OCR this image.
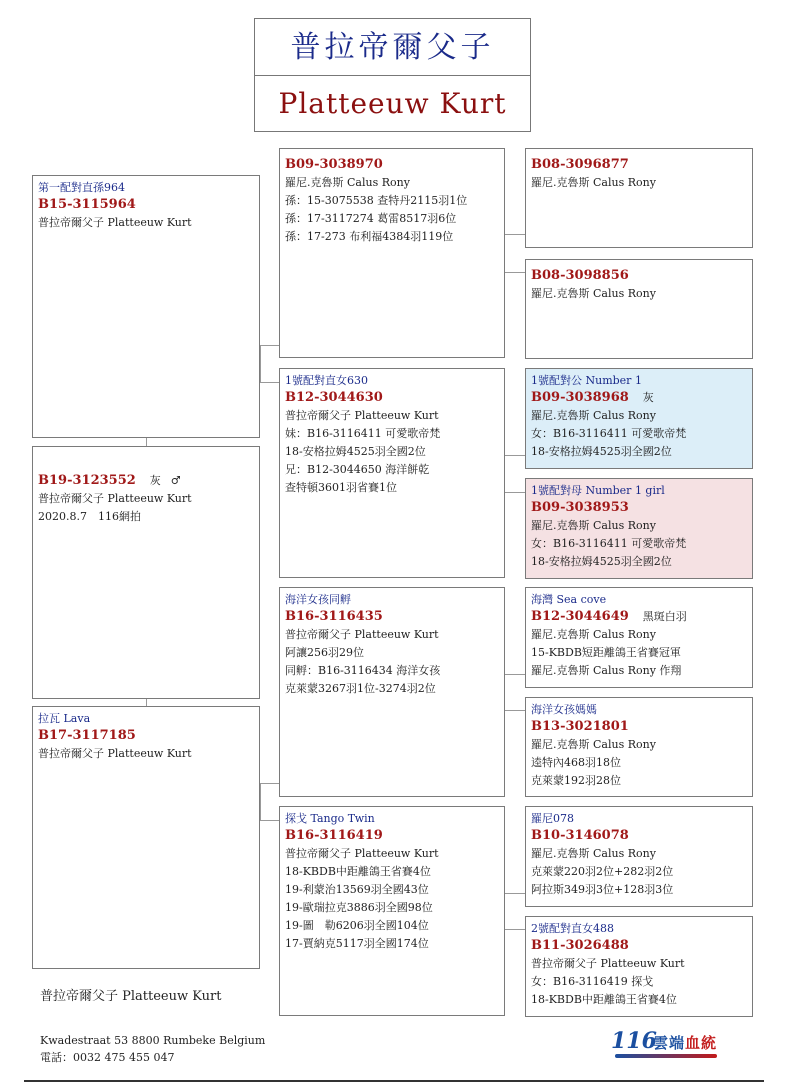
普拉帝爾父子
Platteeuw Kurt
第一配對直孫964
B15-3115964
普拉帝爾父子 Platteeuw Kurt
B19-3123552 灰 ♂
普拉帝爾父子 Platteeuw Kurt
2020.8.7　116網拍
拉瓦 Lava
B17-3117185
普拉帝爾父子 Platteeuw Kurt
B09-3038970
羅尼.克魯斯 Calus Rony
孫：15-3075538 查特丹2115羽1位
孫：17-3117274 葛雷8517羽6位
孫：17-273 布利福4384羽119位
1號配對直女630
B12-3044630
普拉帝爾父子 Platteeuw Kurt
妹：B16-3116411 可愛歌帝梵
18-安格拉姆4525羽全國2位
兄：B12-3044650 海洋餅乾
查特頓3601羽省賽1位
海洋女孩同孵
B16-3116435
普拉帝爾父子 Platteeuw Kurt
阿讓256羽29位
同孵：B16-3116434 海洋女孩
克萊蒙3267羽1位-3274羽2位
探戈 Tango Twin
B16-3116419
普拉帝爾父子 Platteeuw Kurt
18-KBDB中距離鴿王省賽4位
19-利蒙治13569羽全國43位
19-歐瑞拉克3886羽全國98位
19-圖　勒6206羽全國104位
17-賈納克5117羽全國174位
B08-3096877
羅尼.克魯斯 Calus Rony
B08-3098856
羅尼.克魯斯 Calus Rony
1號配對公 Number 1
B09-3038968 灰
羅尼.克魯斯 Calus Rony
女：B16-3116411 可愛歌帝梵
18-安格拉姆4525羽全國2位
1號配對母 Number 1 girl
B09-3038953
羅尼.克魯斯 Calus Rony
女：B16-3116411 可愛歌帝梵
18-安格拉姆4525羽全國2位
海灣 Sea cove
B12-3044649 黑斑白羽
羅尼.克魯斯 Calus Rony
15-KBDB短距離鴿王省賽冠軍
羅尼.克魯斯 Calus Rony 作翔
海洋女孩媽媽
B13-3021801
羅尼.克魯斯 Calus Rony
逵特內468羽18位
克萊蒙192羽28位
羅尼078
B10-3146078
羅尼.克魯斯 Calus Rony
克萊蒙220羽2位+282羽2位
阿拉斯349羽3位+128羽3位
2號配對直女488
B11-3026488
普拉帝爾父子 Platteeuw Kurt
女：B16-3116419 探戈
18-KBDB中距離鴿王省賽4位
普拉帝爾父子 Platteeuw Kurt
Kwadestraat 53 8800 Rumbeke Belgium
電話：0032 475 455 047
116
雲端血統
